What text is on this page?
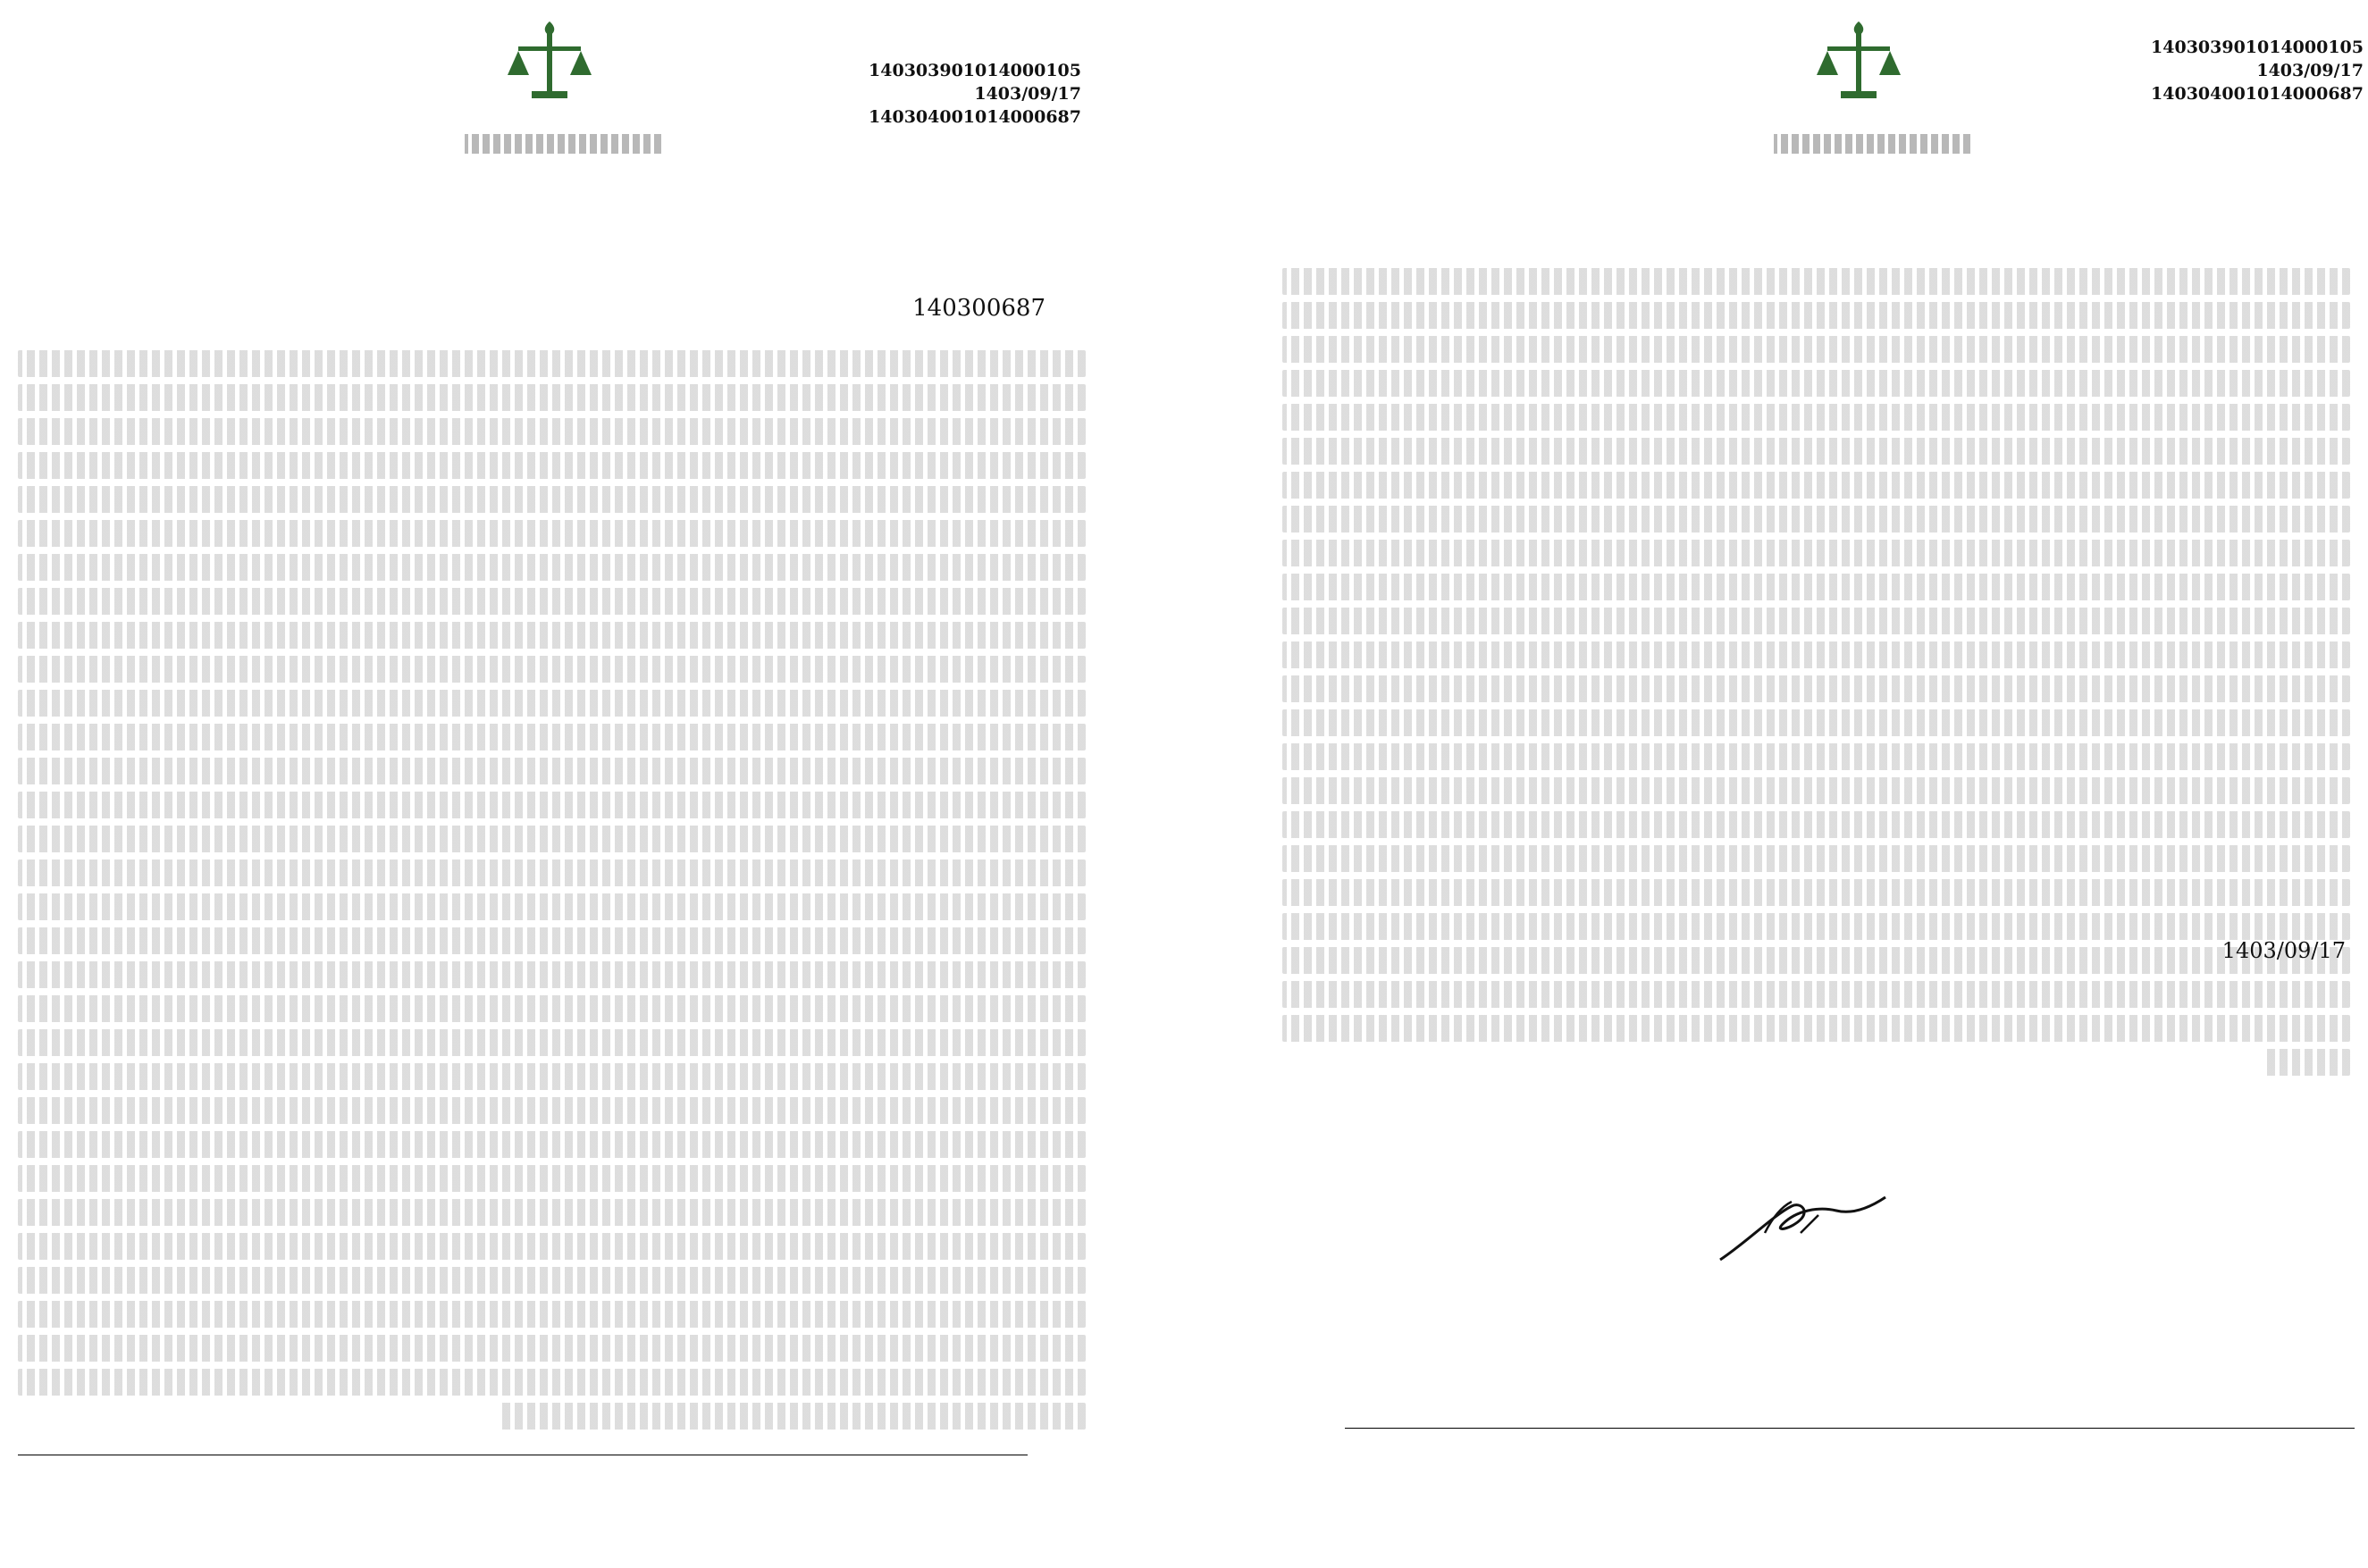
140303901014000105
1403/09/17
140304001014000687
140300687
140303901014000105
1403/09/17
140304001014000687
1403/09/17
